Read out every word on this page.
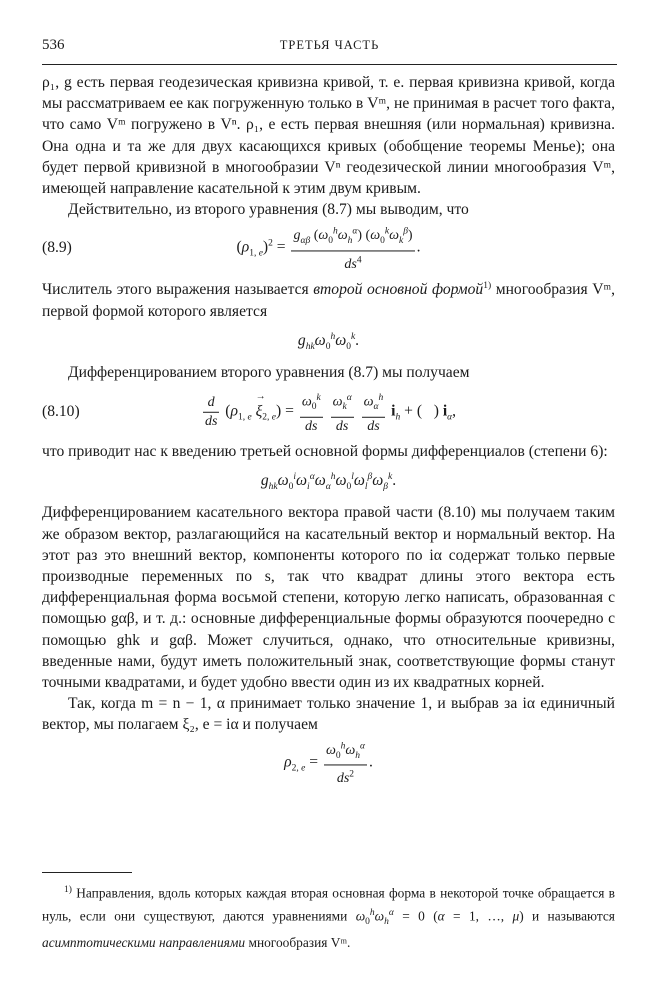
536	ТРЕТЬЯ ЧАСТЬ

ρ₁, g есть первая геодезическая кривизна кривой, т. е. первая кривизна кривой, когда мы рассматриваем ее как погруженную только в Vᵐ, не принимая в расчет того факта, что само Vᵐ погружено в Vⁿ. ρ₁, e есть первая внешняя (или нормальная) кривизна. Она одна и та же для двух касающихся кривых (обобщение теоремы Менье); она будет первой кривизной в многообразии Vⁿ геодезической линии многообразия Vᵐ, имеющей направление касательной к этим двум кривым.

Действительно, из второго уравнения (8.7) мы выводим, что

(8.9)	$(\rho_{1, e})^2 = \frac{g_{\alpha\beta} (\omega_0^h\omega_h^\alpha) (\omega_0^k\omega_k^\beta)}{ds^4}$ .

Числитель этого выражения называется второй основной формой$^{1)}$ многообразия Vᵐ, первой формой которого является

$g_{hk}\omega_0^h\omega_0^k$.

Дифференцированием второго уравнения (8.7) мы получаем

(8.10)	$\frac{d}{ds} (\rho_{1, e} \to \xi_{2, e}) = \frac{\omega_0^k}{ds}$
$\frac{\omega_k^\alpha}{ds}$
$\frac{\omega_\alpha^h}{ds} i_h$ + (   ) $i_\alpha$,

что приводит нас к введению третьей основной формы дифференциалов (степени 6):

$g_{hk}\omega_0^i\omega_i^\alpha\omega_\alpha^h\omega_0^l\omega_l^\beta\omega_\beta^k$.

Дифференцированием касательного вектора правой части (8.10) мы получаем таким же образом вектор, разлагающийся на касательный вектор и нормальный вектор. На этот раз это внешний вектор, компоненты которого по iα содержат только первые производные переменных по s, так что квадрат длины этого вектора есть дифференциальная форма восьмой степени, которую легко написать, образованная с помощью gαβ, и т. д.: основные дифференциальные формы образуются поочередно с помощью ghk и gαβ. Может случиться, однако, что относительные кривизны, введенные нами, будут иметь положительный знак, соответствующие формы станут точными квадратами, и будет удобно ввести один из их квадратных корней.

Так, когда m = n − 1, α принимает только значение 1, и выбрав за iα единичный вектор, мы полагаем ξ₂, e = iα и получаем

$\rho_{2, e} = \frac{\omega_0^h\omega_h^\alpha}{ds^2}$ .

$^{1)}$ Направления, вдоль которых каждая вторая основная форма в некоторой точке обращается в нуль, если они существуют, даются уравнениями $\omega_0^h\omega_h^\alpha = 0$ (α = 1, …, μ) и называются асимптотическими направлениями многообразия Vᵐ.
